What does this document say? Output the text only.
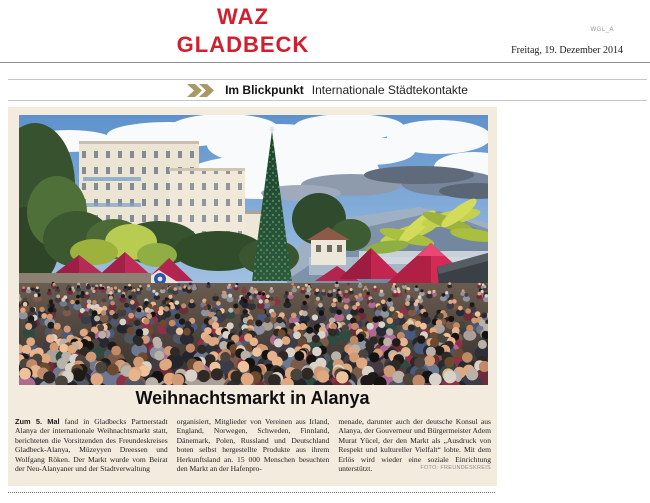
WAZ
GLADBECK
WGL_A
Freitag, 19. Dezember 2014
Im Blickpunkt Internationale Städtekontakte
Weihnachtsmarkt in Alanya
Zum 5. Mal fand in Gladbecks Partnerstadt Alanya der internationale Weihnachtsmarkt statt, berichteten die Vorsitzenden des Freundeskreises Gladbeck-Alanya, Müzeyyen Dreessen und Wolfgang Röken. Der Markt wurde vom Beirat der Neu-Alanyaner und der Stadtverwaltung
organisiert, Mitglieder von Vereinen aus Irland, England, Norwegen, Schweden, Finnland, Dänemark, Polen, Russland und Deutschland boten selbst hergestellte Produkte aus ihrem Herkunftsland an. 15 000 Menschen besuchten den Markt an der Hafenpro-
menade, darunter auch der deutsche Konsul aus Alanya, der Gouverneur und Bürgermeister Adem Murat Yücel, der den Markt als „Ausdruck von Respekt und kultureller Vielfalt“ lobte. Mit dem Erlös wird wieder eine soziale Einrichtung unterstützt.	FOTO: FREUNDESKREIS
